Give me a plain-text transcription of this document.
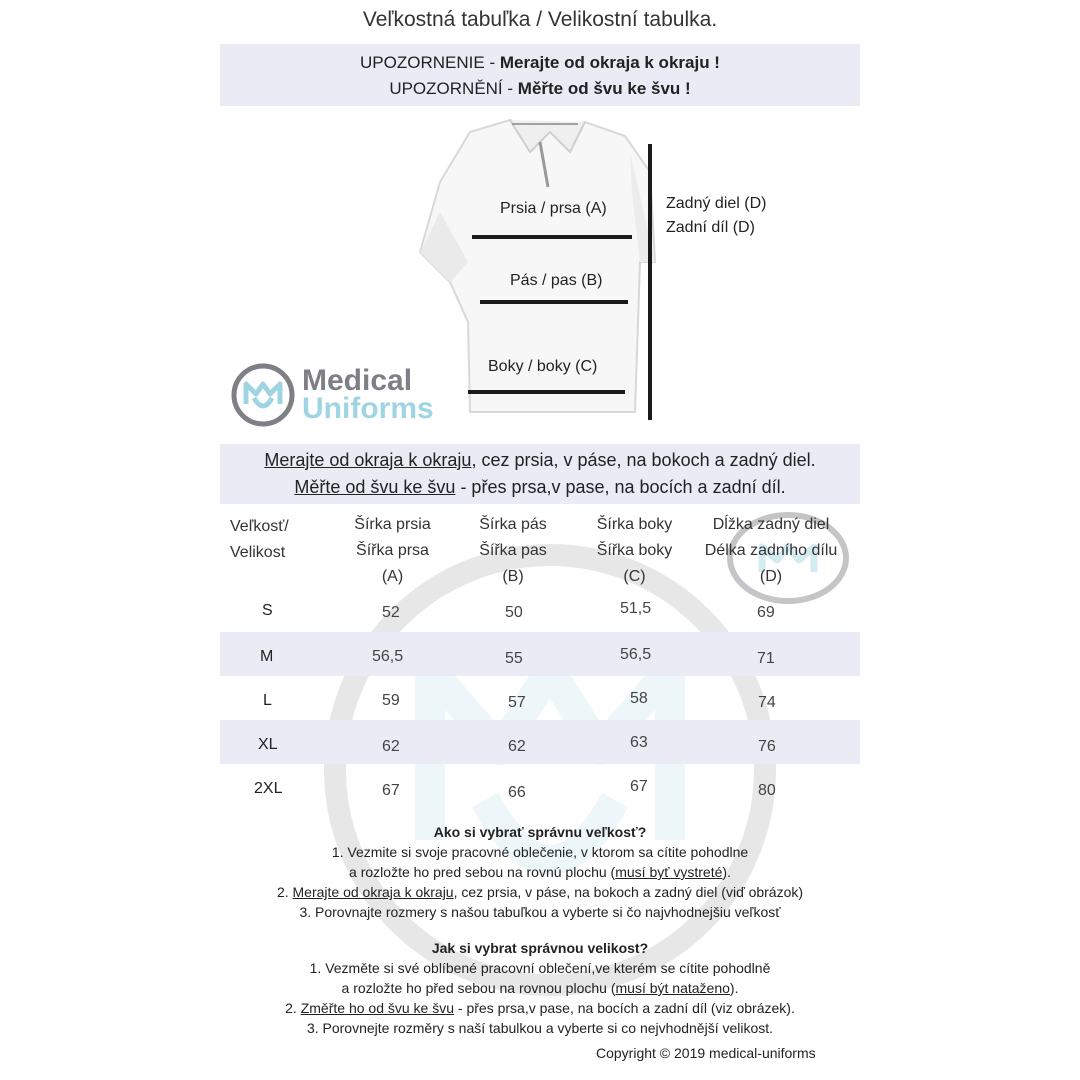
Veľkostná tabuľka / Velikostní tabulka.
UPOZORNENIE - Merajte od okraja k okraju !
UPOZORNĚNÍ - Měřte od švu ke švu !
Prsia / prsa (A)
Pás / pas (B)
Boky / boky (C)
Zadný diel (D)
Zadní díl (D)
Medical
Uniforms
Merajte od okraja k okraju, cez prsia, v páse, na bokoch a zadný diel.
Měřte od švu ke švu - přes prsa,v pase, na bocích a zadní díl.
Veľkosť/
Velikost
Šírka prsia
Šířka prsa
(A)
Šírka pás
Šířka pas
(B)
Šírka boky
Šířka boky
(C)
Dĺžka zadný diel
Délka zadního dílu
(D)
S	52	50	51,5	69
M	56,5	55	56,5	71
L	59	57	58	74
XL	62	62	63	76
2XL	67	66	67	80
Ako si vybrať správnu veľkosť?
1. Vezmite si svoje pracovné oblečenie, v ktorom sa cítite pohodlne
a rozložte ho pred sebou na rovnú plochu (musí byť vystreté).
2. Merajte od okraja k okraju, cez prsia, v páse, na bokoch a zadný diel (viď obrázok)
3. Porovnajte rozmery s našou tabuľkou a vyberte si čo najvhodnejšiu veľkosť
Jak si vybrat správnou velikost?
1. Vezměte si své oblíbené pracovní oblečení,ve kterém se cítite pohodlně
a rozložte ho před sebou na rovnou plochu (musí být nataženo).
2. Změřte ho od švu ke švu - přes prsa,v pase, na bocích a zadní díl (viz obrázek).
3. Porovnejte rozměry s naší tabulkou a vyberte si co nejvhodnější velikost.
Copyright © 2019 medical-uniforms
